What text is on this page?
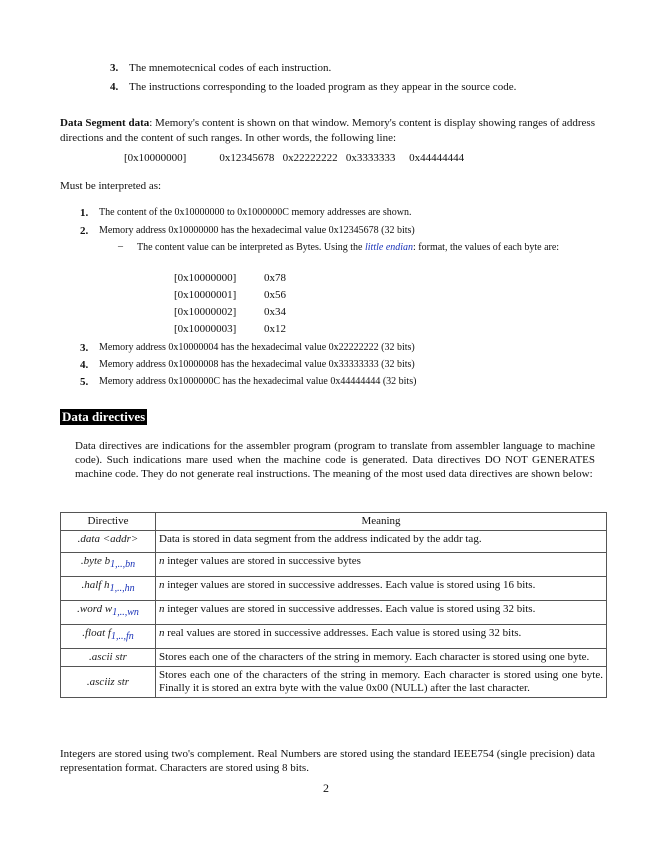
3. The mnemotecnical codes of each instruction.
4. The instructions corresponding to the loaded program as they appear in the source code.
Data Segment data: Memory's content is shown on that window. Memory's content is display showing ranges of address directions and the content of such ranges. In other words, the following line:
[0x10000000]            0x12345678   0x22222222   0x3333333     0x44444444
Must be interpreted as:
1. The content of the 0x10000000 to 0x1000000C memory addresses are shown.
2. Memory address 0x10000000 has the hexadecimal value 0x12345678 (32 bits)
– The content value can be interpreted as Bytes. Using the little endian: format, the values of each byte are:
[0x10000000]	0x78
[0x10000001]	0x56
[0x10000002]	0x34
[0x10000003]	0x12
3. Memory address 0x10000004 has the hexadecimal value 0x22222222 (32 bits)
4. Memory address 0x10000008 has the hexadecimal value 0x33333333 (32 bits)
5. Memory address 0x1000000C has the hexadecimal value 0x44444444 (32 bits)
Data directives
Data directives are indications for the assembler program (program to translate from assembler language to machine code). Such indications mare used when the machine code is generated. Data directives DO NOT GENERATES machine code. They do not generate real instructions. The meaning of the most used data directives are shown below:
Directive	Meaning
.data <addr>	Data is stored in data segment from the address indicated by the addr tag.
.byte b1,..,bn	n integer values are stored in successive bytes
.half h1,..,hn	n integer values are stored in successive addresses. Each value is stored using 16 bits.
.word w1,..,wn	n integer values are stored in successive addresses. Each value is stored using 32 bits.
.float f1,..,fn	n real values are stored in successive addresses. Each value is stored using 32 bits.
.ascii str	Stores each one of the characters of the string in memory. Each character is stored using one byte.
.asciiz str	Stores each one of the characters of the string in memory. Each character is stored using one byte. Finally it is stored an extra byte with the value 0x00 (NULL) after the last character.
Integers are stored using two's complement. Real Numbers are stored using the standard IEEE754 (single precision) data representation format. Characters are stored using 8 bits.
2
